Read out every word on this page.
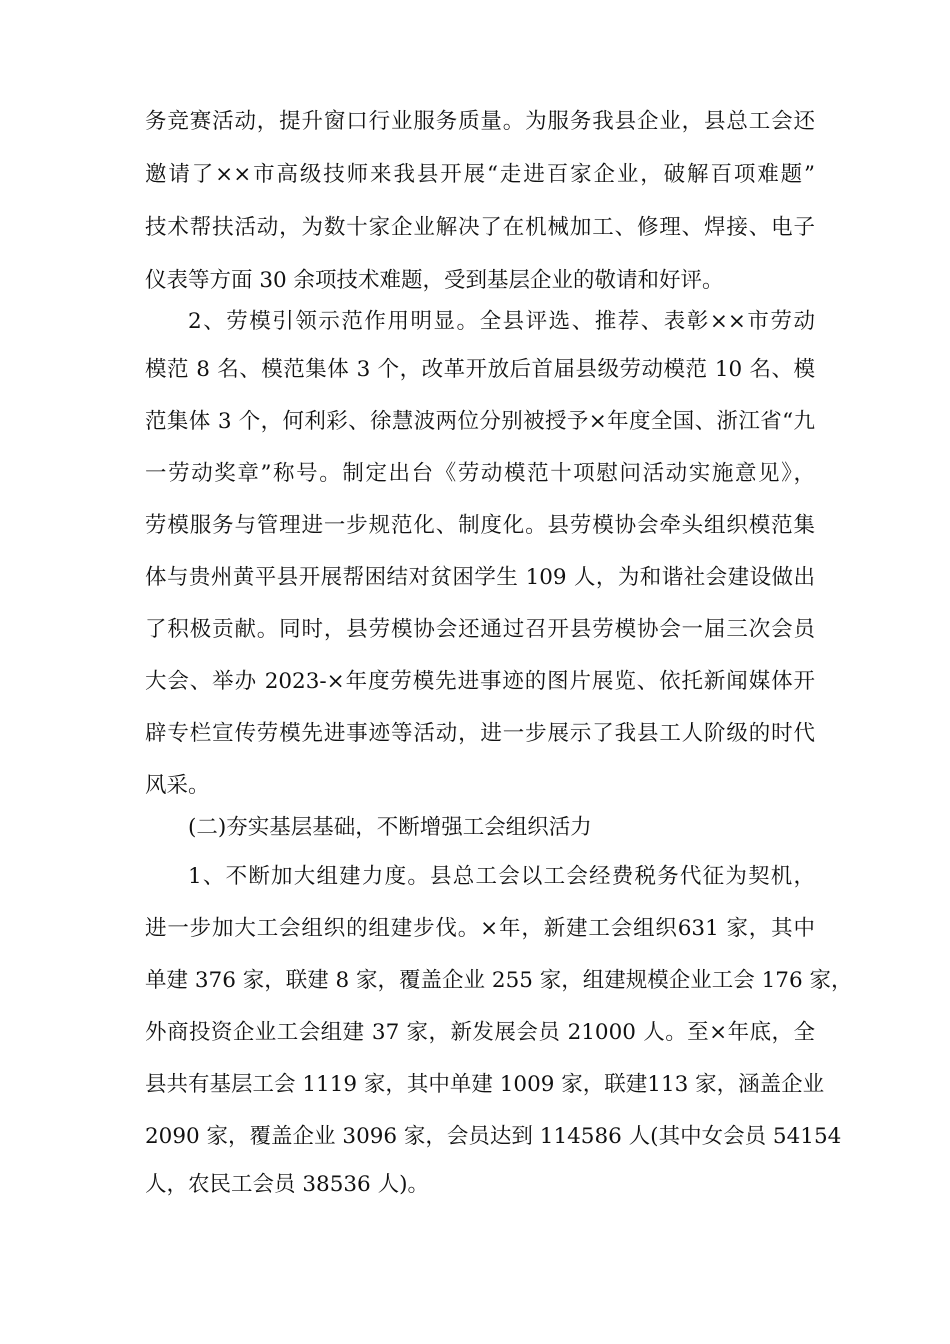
务竞赛活动，提升窗口行业服务质量。为服务我县企业，县总工会还
邀请了××市高级技师来我县开展“走进百家企业，破解百项难题”
技术帮扶活动，为数十家企业解决了在机械加工、修理、焊接、电子
仪表等方面 30 余项技术难题，受到基层企业的敬请和好评。
2、劳模引领示范作用明显。全县评选、推荐、表彰××市劳动
模范 8 名、模范集体 3 个，改革开放后首届县级劳动模范 10 名、模
范集体 3 个，何利彩、徐慧波两位分别被授予×年度全国、浙江省“九
一劳动奖章”称号。制定出台《劳动模范十项慰问活动实施意见》，
劳模服务与管理进一步规范化、制度化。县劳模协会牵头组织模范集
体与贵州黄平县开展帮困结对贫困学生 109 人，为和谐社会建设做出
了积极贡献。同时，县劳模协会还通过召开县劳模协会一届三次会员
大会、举办 2023-×年度劳模先进事迹的图片展览、依托新闻媒体开
辟专栏宣传劳模先进事迹等活动，进一步展示了我县工人阶级的时代
风采。
(二)夯实基层基础，不断增强工会组织活力
1、不断加大组建力度。县总工会以工会经费税务代征为契机，
进一步加大工会组织的组建步伐。×年，新建工会组织631 家，其中
单建 376 家，联建 8 家，覆盖企业 255 家，组建规模企业工会 176 家，
外商投资企业工会组建 37 家，新发展会员 21000 人。至×年底，全
县共有基层工会 1119 家，其中单建 1009 家，联建113 家，涵盖企业
2090 家，覆盖企业 3096 家，会员达到 114586 人(其中女会员 54154
人，农民工会员 38536 人)。
